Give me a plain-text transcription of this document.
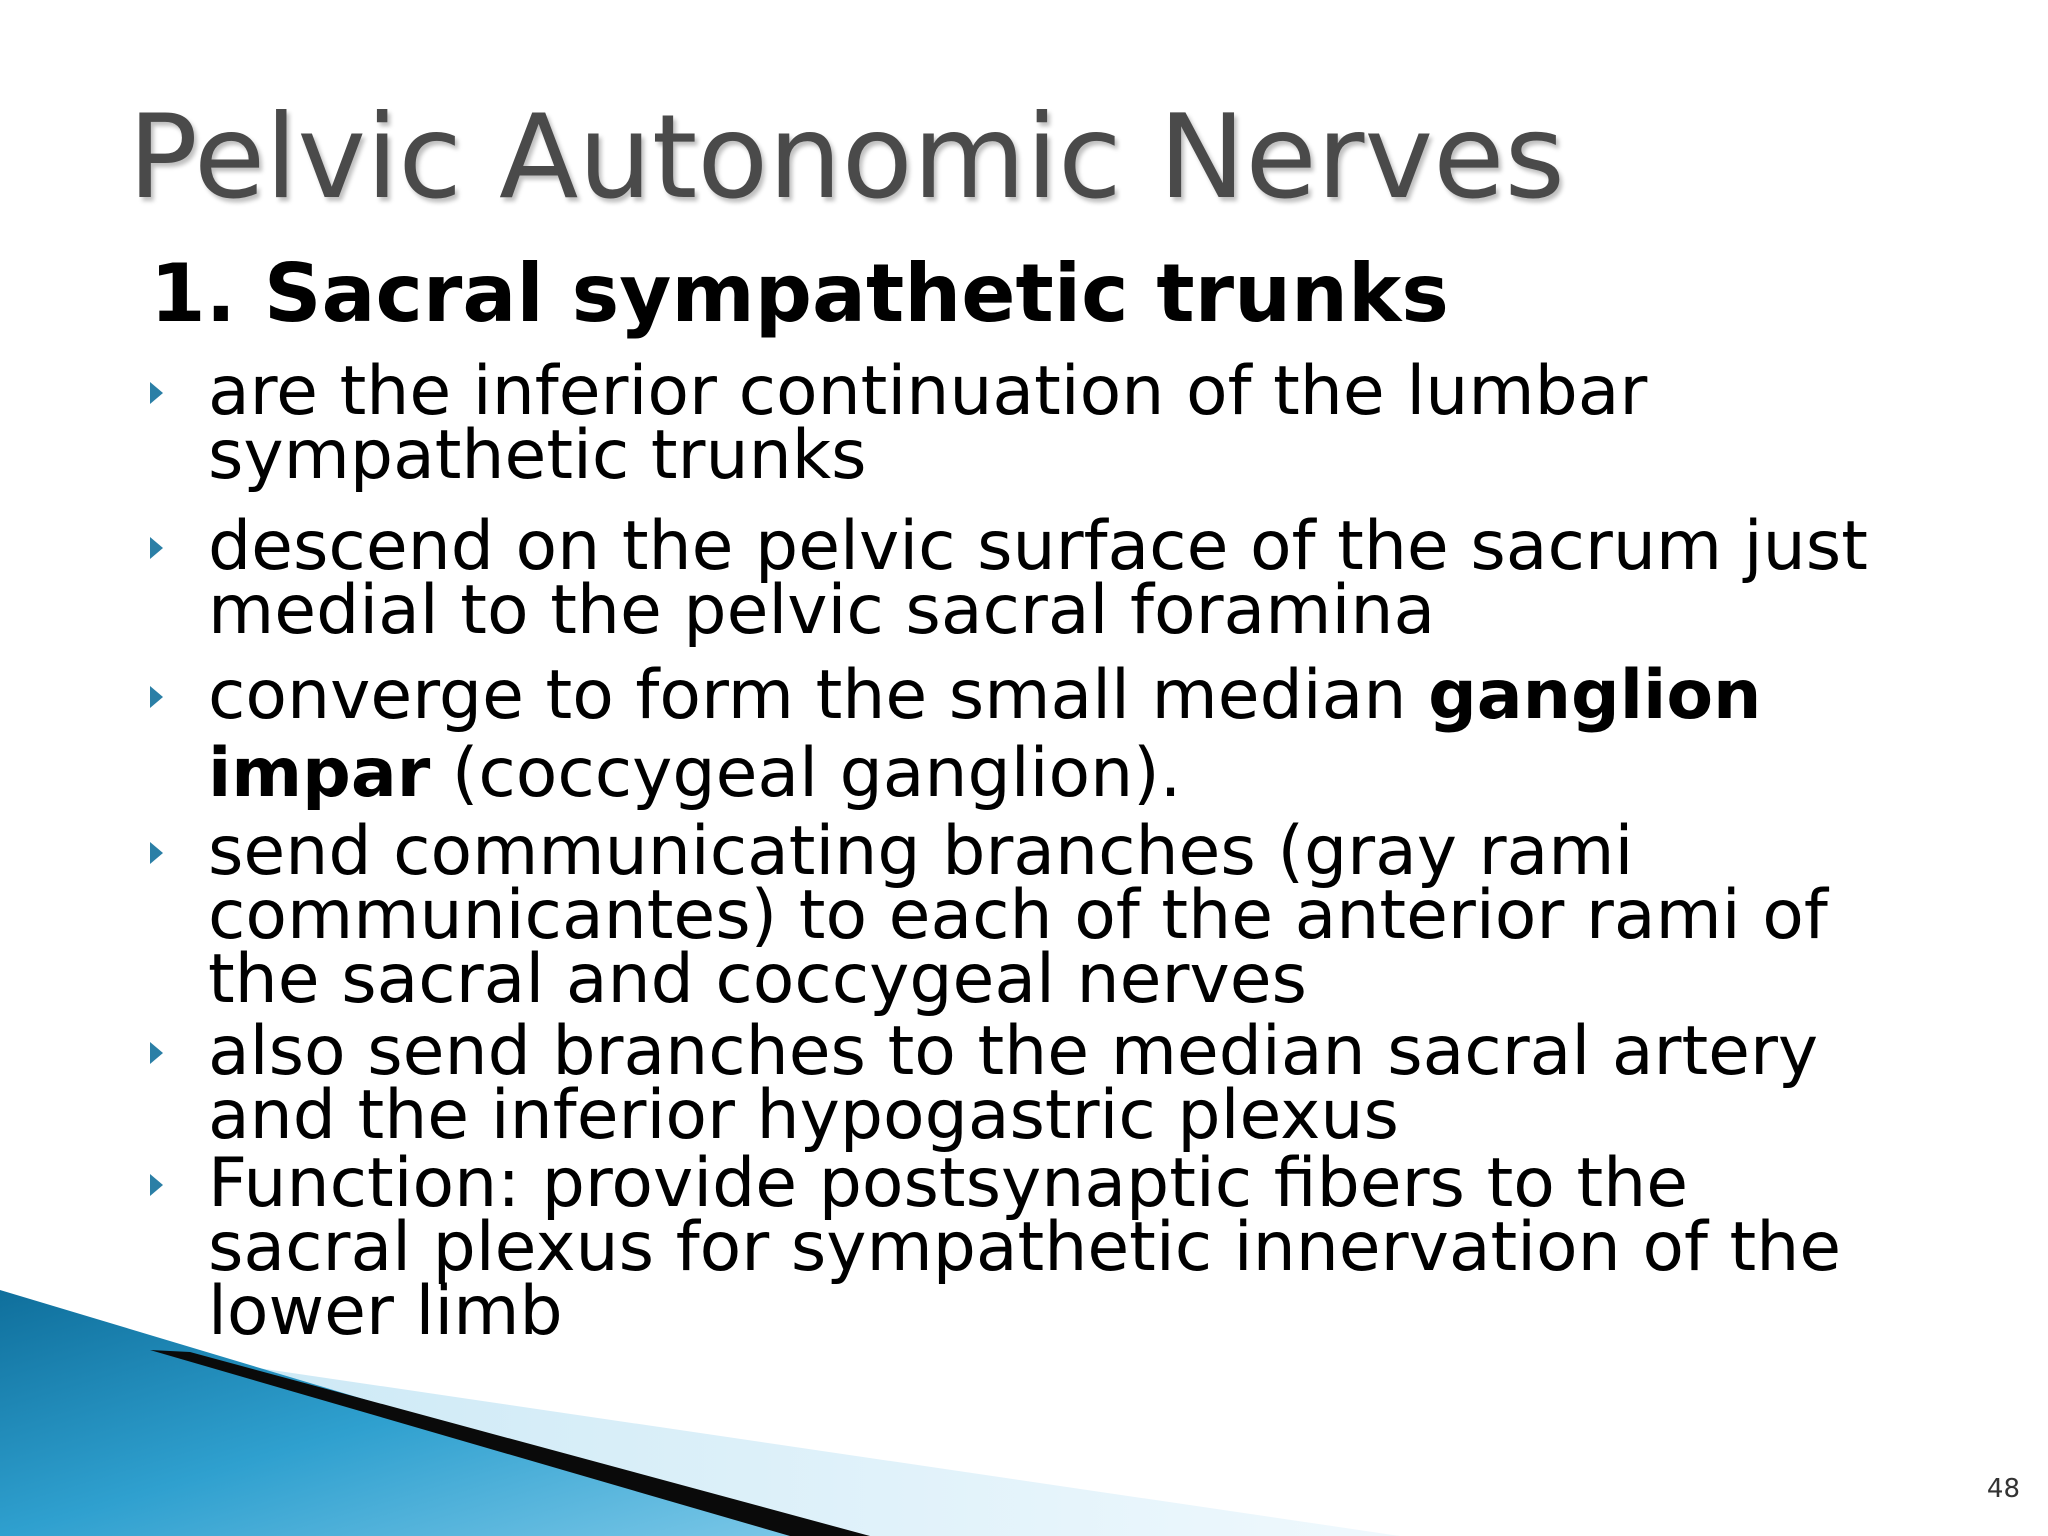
Pelvic Autonomic Nerves
1. Sacral sympathetic trunks
are the inferior continuation of the lumbar
sympathetic trunks
descend on the pelvic surface of the sacrum just
medial to the pelvic sacral foramina
converge to form the small median ganglion
impar (coccygeal ganglion).
send communicating branches (gray rami
communicantes) to each of the anterior rami of
the sacral and coccygeal nerves
also send branches to the median sacral artery
and the inferior hypogastric plexus
Function: provide postsynaptic fibers to the
sacral plexus for sympathetic innervation of the
lower limb
48
